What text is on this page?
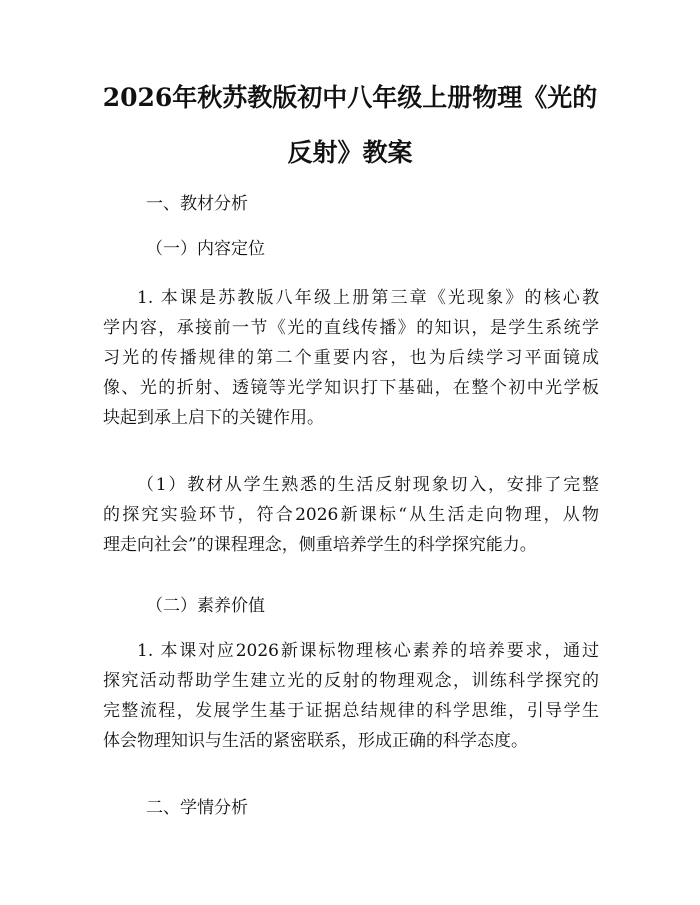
2026年秋苏教版初中八年级上册物理《光的
反射》教案
一、教材分析
（一）内容定位
1. 本课是苏教版八年级上册第三章《光现象》的核心教
学内容，承接前一节《光的直线传播》的知识，是学生系统学
习光的传播规律的第二个重要内容，也为后续学习平面镜成
像、光的折射、透镜等光学知识打下基础，在整个初中光学板
块起到承上启下的关键作用。
（1）教材从学生熟悉的生活反射现象切入，安排了完整
的探究实验环节，符合2026新课标“从生活走向物理，从物
理走向社会”的课程理念，侧重培养学生的科学探究能力。
（二）素养价值
1. 本课对应2026新课标物理核心素养的培养要求，通过
探究活动帮助学生建立光的反射的物理观念，训练科学探究的
完整流程，发展学生基于证据总结规律的科学思维，引导学生
体会物理知识与生活的紧密联系，形成正确的科学态度。
二、学情分析
